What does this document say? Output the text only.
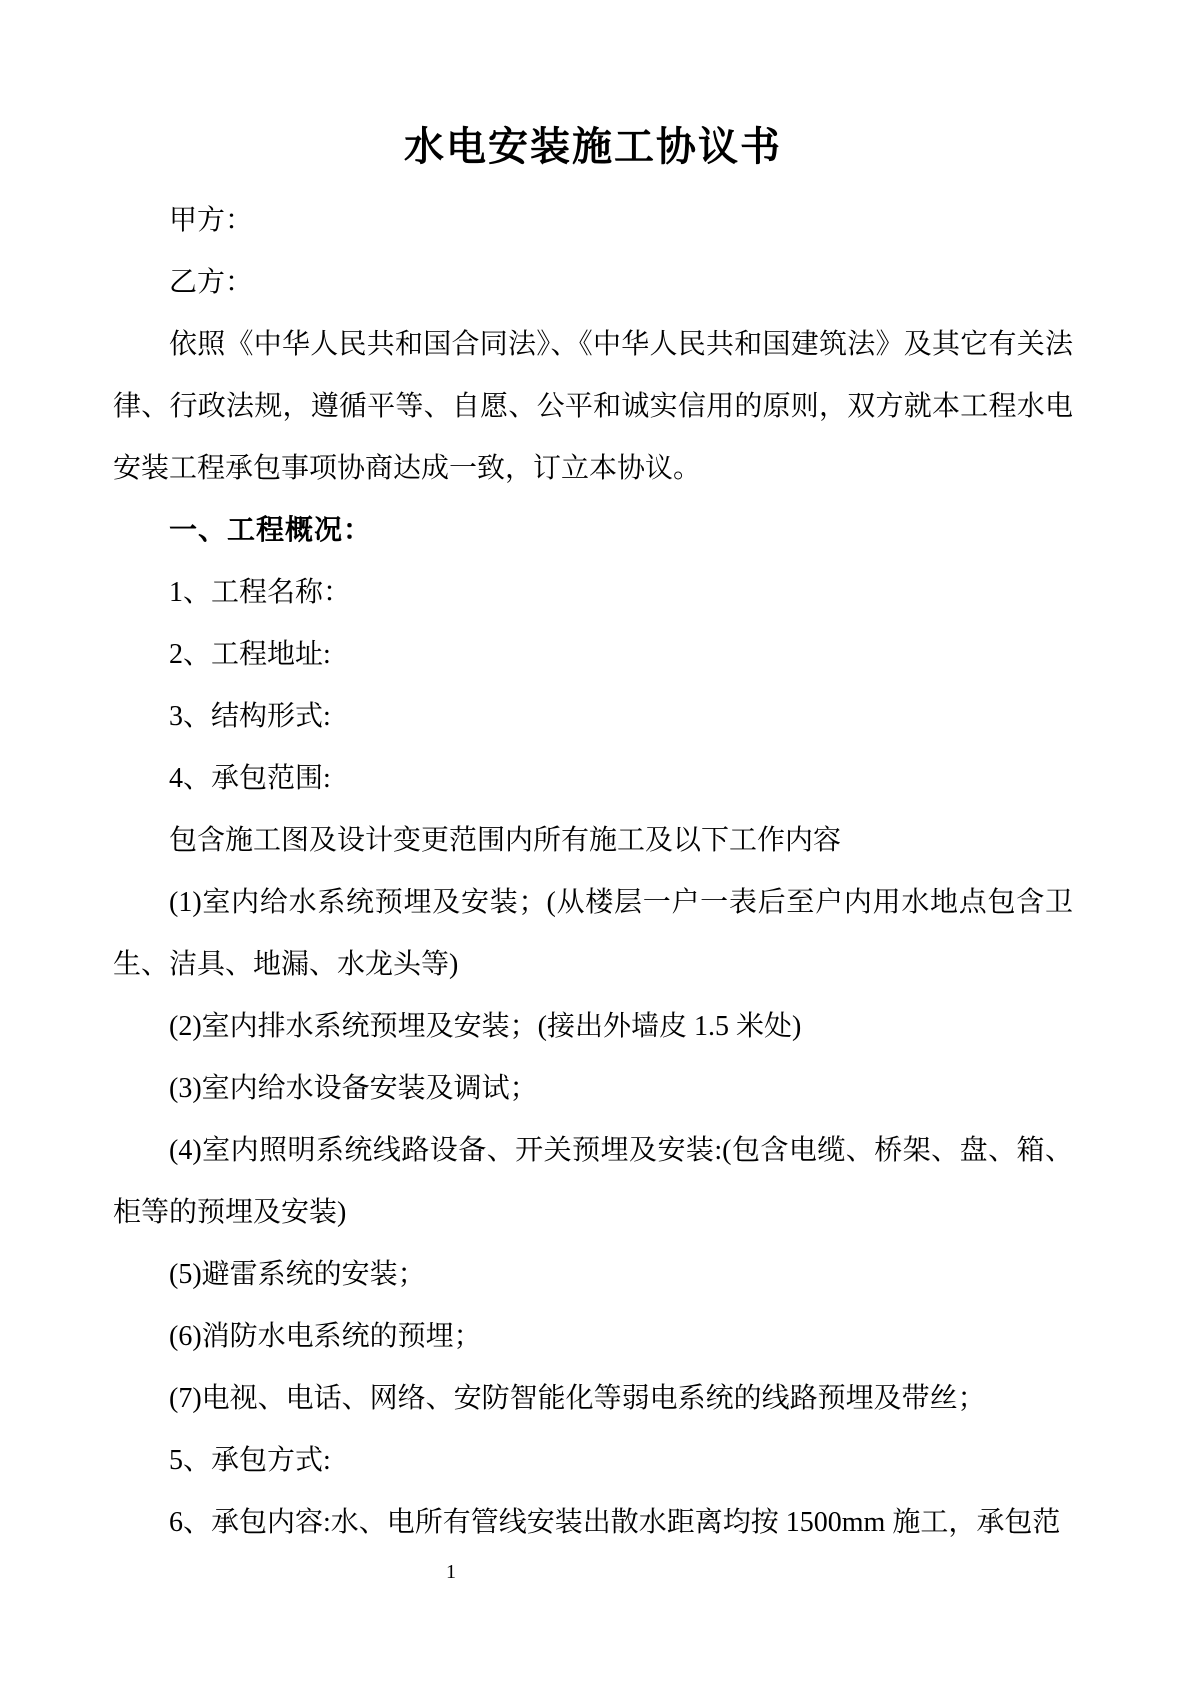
水电安装施工协议书

甲方：

乙方：

依照《中华人民共和国合同法》、《中华人民共和国建筑法》及其它有关法律、行政法规，遵循平等、自愿、公平和诚实信用的原则，双方就本工程水电安装工程承包事项协商达成一致，订立本协议。

一、工程概况：

1、工程名称：

2、工程地址:

3、结构形式:

4、承包范围:

包含施工图及设计变更范围内所有施工及以下工作内容

(1)室内给水系统预埋及安装；(从楼层一户一表后至户内用水地点包含卫生、洁具、地漏、水龙头等)

(2)室内排水系统预埋及安装；(接出外墙皮 1.5 米处)

(3)室内给水设备安装及调试；

(4)室内照明系统线路设备、开关预埋及安装:(包含电缆、桥架、盘、箱、柜等的预埋及安装)

(5)避雷系统的安装；

(6)消防水电系统的预埋；

(7)电视、电话、网络、安防智能化等弱电系统的线路预埋及带丝；

5、承包方式:

6、承包内容:水、电所有管线安装出散水距离均按 1500mm 施工，承包范

1
